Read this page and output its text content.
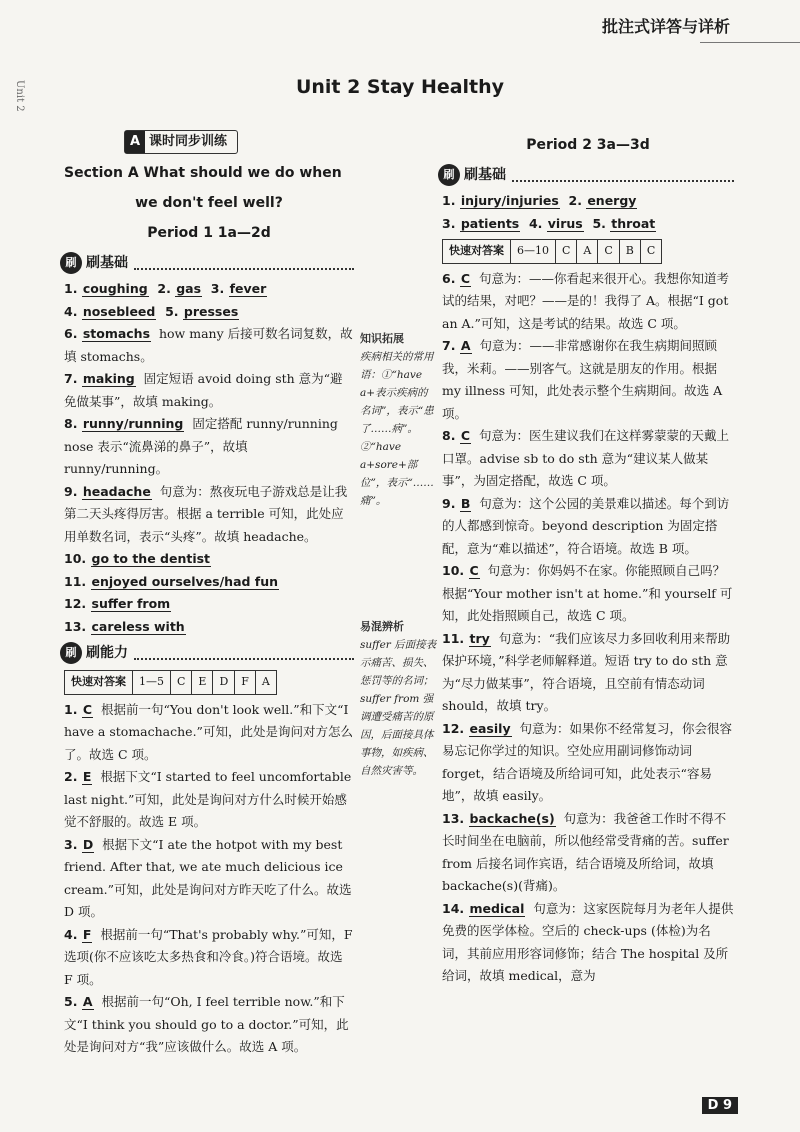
批注式详答与详析
Unit 2	Unit 2 Stay Healthy
A 课时同步训练
Section A What should we do when
we don't feel well?
Period 1 1a—2d
刷 刷基础
1. coughing 2. gas 3. fever
4. nosebleed 5. presses
6. stomachs how many 后接可数名词复数，故填 stomachs。
7. making 固定短语 avoid doing sth 意为“避免做某事”，故填 making。
8. runny/running 固定搭配 runny/running nose 表示“流鼻涕的鼻子”，故填 runny/running。
9. headache 句意为：熬夜玩电子游戏总是让我第二天头疼得厉害。根据 a terrible 可知，此处应用单数名词，表示“头疼”。故填 headache。
10. go to the dentist
11. enjoyed ourselves/had fun
12. suffer from
13. careless with
刷 刷能力
快速对答案	1—5	C	E	D	F	A
1. C 根据前一句“You don't look well.”和下文“I have a stomachache.”可知，此处是询问对方怎么了。故选 C 项。
2. E 根据下文“I started to feel uncomfortable last night.”可知，此处是询问对方什么时候开始感觉不舒服的。故选 E 项。
3. D 根据下文“I ate the hotpot with my best friend. After that, we ate much delicious ice cream.”可知，此处是询问对方昨天吃了什么。故选 D 项。
4. F 根据前一句“That's probably why.”可知，F 选项(你不应该吃太多热食和冷食。)符合语境。故选 F 项。
5. A 根据前一句“Oh, I feel terrible now.”和下文“I think you should go to a doctor.”可知，此处是询问对方“我”应该做什么。故选 A 项。
知识拓展
疾病相关的常用语：①“have a+表示疾病的名词”，表示“患了……病”。②“have a+sore+部位”，表示“……痛”。
易混辨析
suffer 后面接表示痛苦、损失、惩罚等的名词；suffer from 强调遭受痛苦的原因，后面接具体事物，如疾病、自然灾害等。
Period 2 3a—3d
刷 刷基础
1. injury/injuries 2. energy
3. patients 4. virus 5. throat
快速对答案	6—10	C	A	C	B	C
6. C 句意为：——你看起来很开心。我想你知道考试的结果，对吧？——是的！我得了 A。根据“I got an A.”可知，这是考试的结果。故选 C 项。
7. A 句意为：——非常感谢你在我生病期间照顾我，米莉。——别客气。这就是朋友的作用。根据 my illness 可知，此处表示整个生病期间。故选 A 项。
8. C 句意为：医生建议我们在这样雾蒙蒙的天戴上口罩。advise sb to do sth 意为“建议某人做某事”，为固定搭配，故选 C 项。
9. B 句意为：这个公园的美景难以描述。每个到访的人都感到惊奇。beyond description 为固定搭配，意为“难以描述”，符合语境。故选 B 项。
10. C 句意为：你妈妈不在家。你能照顾自己吗？根据“Your mother isn't at home.”和 yourself 可知，此处指照顾自己，故选 C 项。
11. try 句意为：“我们应该尽力多回收利用来帮助保护环境，”科学老师解释道。短语 try to do sth 意为“尽力做某事”，符合语境，且空前有情态动词 should，故填 try。
12. easily 句意为：如果你不经常复习，你会很容易忘记你学过的知识。空处应用副词修饰动词 forget，结合语境及所给词可知，此处表示“容易地”，故填 easily。
13. backache(s) 句意为：我爸爸工作时不得不长时间坐在电脑前，所以他经常受背痛的苦。suffer from 后接名词作宾语，结合语境及所给词，故填 backache(s)(背痛)。
14. medical 句意为：这家医院每月为老年人提供免费的医学体检。空后的 check-ups (体检)为名词，其前应用形容词修饰；结合 The hospital 及所给词，故填 medical，意为
D 9
